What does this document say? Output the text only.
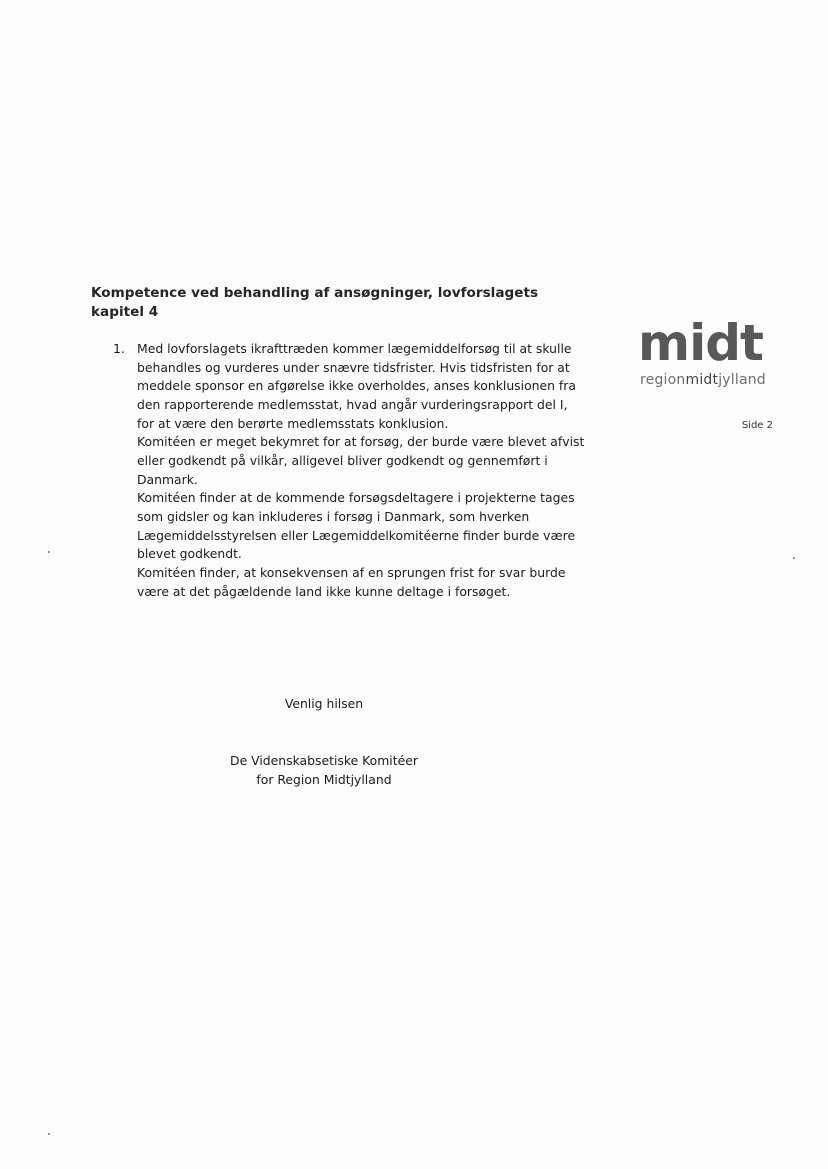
Kompetence ved behandling af ansøgninger, lovforslagets kapitel 4
1. Med lovforslagets ikrafttræden kommer lægemiddelforsøg til at skulle behandles og vurderes under snævre tidsfrister. Hvis tidsfristen for at meddele sponsor en afgørelse ikke overholdes, anses konklusionen fra den rapporterende medlemsstat, hvad angår vurderingsrapport del I, for at være den berørte medlemsstats konklusion.

Komitéen er meget bekymret for at forsøg, der burde være blevet afvist eller godkendt på vilkår, alligevel bliver godkendt og gennemført i Danmark.

Komitéen finder at de kommende forsøgsdeltagere i projekterne tages som gidsler og kan inkluderes i forsøg i Danmark, som hverken Lægemiddelsstyrelsen eller Lægemiddelkomitéerne finder burde være blevet godkendt.

Komitéen finder, at konsekvensen af en sprungen frist for svar burde være at det pågældende land ikke kunne deltage i forsøget.

Venlig hilsen
De Videnskabsetiske Komitéer
for Region Midtjylland
midt
regionmidtjylland
Side 2
